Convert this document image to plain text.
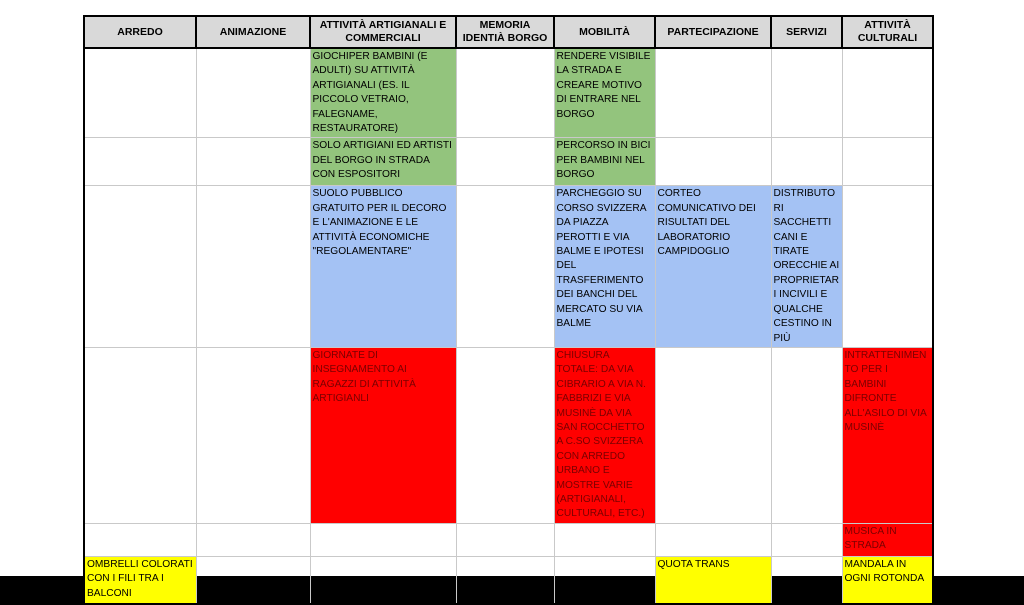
ARREDO	ANIMAZIONE	ATTIVITÀ ARTIGIANALI E COMMERCIALI	MEMORIA IDENTIÀ BORGO	MOBILITÀ	PARTECIPAZIONE	SERVIZI	ATTIVITÀ CULTURALI
		GIOCHIPER BAMBINI (E ADULTI) SU ATTIVITÀ ARTIGIANALI (ES. IL PICCOLO VETRAIO, FALEGNAME, RESTAURATORE)		RENDERE VISIBILE LA STRADA E CREARE MOTIVO DI ENTRARE NEL BORGO			
		SOLO ARTIGIANI ED ARTISTI DEL BORGO IN STRADA CON ESPOSITORI		PERCORSO IN BICI PER BAMBINI NEL BORGO			
		SUOLO PUBBLICO GRATUITO PER IL DECORO E L'ANIMAZIONE E LE ATTIVITÀ ECONOMICHE "REGOLAMENTARE"		PARCHEGGIO SU CORSO SVIZZERA DA PIAZZA PEROTTI E VIA BALME E IPOTESI DEL TRASFERIMENTO DEI BANCHI DEL MERCATO SU VIA BALME	CORTEO COMUNICATIVO DEI RISULTATI DEL LABORATORIO CAMPIDOGLIO	DISTRIBUTORI SACCHETTI CANI E TIRATE ORECCHIE AI PROPRIETARI INCIVILI E QUALCHE CESTINO IN PIÙ	
		GIORNATE DI INSEGNAMENTO AI RAGAZZI DI ATTIVITÀ ARTIGIANLI		CHIUSURA TOTALE: DA VIA CIBRARIO A VIA N. FABBRIZI E VIA MUSINÈ DA VIA SAN ROCCHETTO A C.SO SVIZZERA CON ARREDO URBANO E MOSTRE VARIE (ARTIGIANALI, CULTURALI, ETC.)			INTRATTENIMENTO PER I BAMBINI DIFRONTE ALL'ASILO DI VIA MUSINÈ
							MUSICA IN STRADA
OMBRELLI COLORATI CON I FILI TRA I BALCONI					QUOTA TRANS		MANDALA IN OGNI ROTONDA
